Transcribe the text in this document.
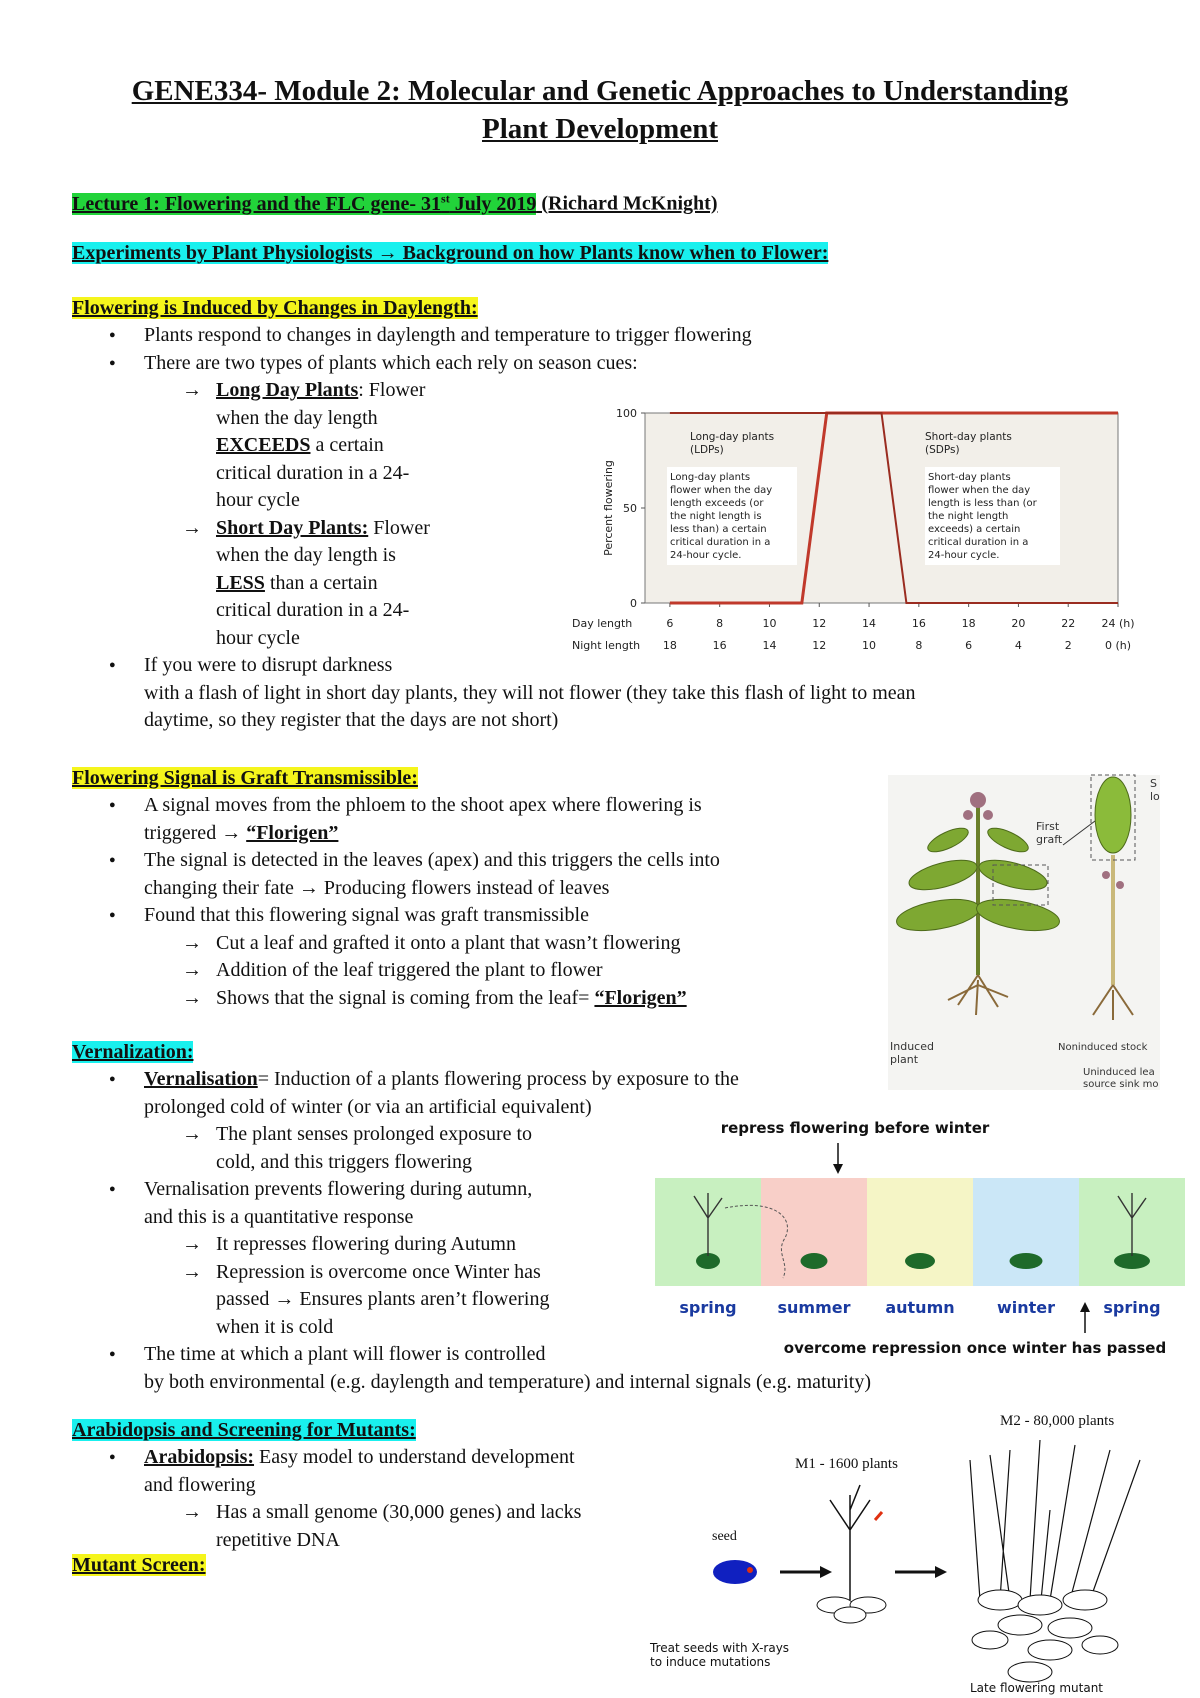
GENE334- Module 2: Molecular and Genetic Approaches to Understanding
Plant Development
Lecture 1: Flowering and the FLC gene- 31st July 2019 (Richard McKnight)
Experiments by Plant Physiologists → Background on how Plants know when to Flower:
Flowering is Induced by Changes in Daylength:
● Plants respond to changes in daylength and temperature to trigger flowering
● There are two types of plants which each rely on season cues:
→ Long Day Plants: Flower
when the day length
EXCEEDS a certain
critical duration in a 24-
hour cycle
→ Short Day Plants: Flower
when the day length is
LESS than a certain
critical duration in a 24-
hour cycle
● If you were to disrupt darkness
with a flash of light in short day plants, they will not flower (they take this flash of light to mean
daytime, so they register that the days are not short)
0
50
100
Percent flowering
Day length
Night length
6
18
8
16
10
14
12
12
14
10
16
8
18
6
20
4
22
2
24 (h)
0 (h)
Long-day plants
(LDPs)
Short-day plants
(SDPs)
Long-day plants
flower when the day
length exceeds (or
the night length is
less than) a certain
critical duration in a
24-hour cycle.
Short-day plants
flower when the day
length is less than (or
the night length
exceeds) a certain
critical duration in a
24-hour cycle.
Flowering Signal is Graft Transmissible:
● A signal moves from the phloem to the shoot apex where flowering is
triggered → “Florigen”
● The signal is detected in the leaves (apex) and this triggers the cells into
changing their fate → Producing flowers instead of leaves
● Found that this flowering signal was graft transmissible
→ Cut a leaf and grafted it onto a plant that wasn’t flowering
→ Addition of the leaf triggered the plant to flower
→ Shows that the signal is coming from the leaf= “Florigen”
First
graft
S
lo
Induced
plant
Noninduced stock
Uninduced lea
source sink mo
Vernalization:
● Vernalisation= Induction of a plants flowering process by exposure to the
prolonged cold of winter (or via an artificial equivalent)
→ The plant senses prolonged exposure to
cold, and this triggers flowering
● Vernalisation prevents flowering during autumn,
and this is a quantitative response
→ It represses flowering during Autumn
→ Repression is overcome once Winter has
passed → Ensures plants aren’t flowering
when it is cold
● The time at which a plant will flower is controlled
by both environmental (e.g. daylength and temperature) and internal signals (e.g. maturity)
repress flowering before winter
spring	summer autumn	winter	spring
overcome repression once winter has passed
Arabidopsis and Screening for Mutants:
● Arabidopsis: Easy model to understand development
and flowering
→ Has a small genome (30,000 genes) and lacks
repetitive DNA
Mutant Screen:
M2 - 80,000 plants
M1 - 1600 plants
seed
Treat seeds with X-rays
to induce mutations
Late flowering mutant
